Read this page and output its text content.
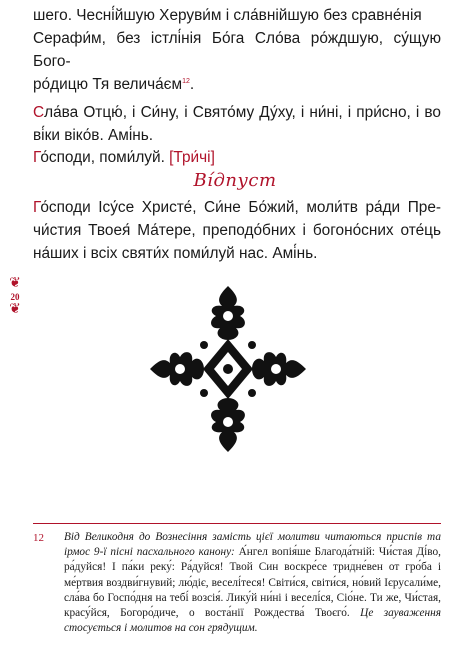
шего. Чесні́йшую Херуви́м і сла́внійшую без сравне́нія
Серафи́м, без істлі́нія Бо́га Сло́ва ро́ждшую, су́щую Бого-
ро́дицю Тя $велича́єм^{12}$.
Сла́ва Отцю́, і Си́ну, і Свято́му Ду́ху, і ни́ні, і при́сно, і во ві́ки віко́в. Амі́нь.
Го́споди, поми́луй. [Три́чі]
Ві́дпуст
Го́споди Ісу́се Христе́, Си́не Бо́жий, моли́тв ра́ди Пре-чи́стия Твоея́ Ма́тере, преподо́бних і богоно́сних оте́ць на́ших і всіх святи́х поми́луй нас. Амі́нь.
❦
20
❦
12 Від Великодня до Вознесіння замість цієї молитви читаються приспів та ірмос 9-ї пісні пасхального канону: А́нгел вопія́ше Благода́тній: Чи́стая Ді́во, ра́дуйся! І па́ки реку́: Ра́дуйся! Твой Син воскре́се тридне́вен от гро́ба і ме́ртвия воздви́гнувий; лю́діє, веселі́теся! Світи́ся, світи́ся, но́вий Ієрусали́ме, сла́ва бо Госпо́дня на тебі́ возсія́. Лику́й ни́ні і веселі́ся, Сіо́не. Ти же, Чи́стая, красу́йся, Богоро́диче, о воста́нії Рождества́ Твоєго́. Це зауваження стосується і молитов на сон грядущим.
